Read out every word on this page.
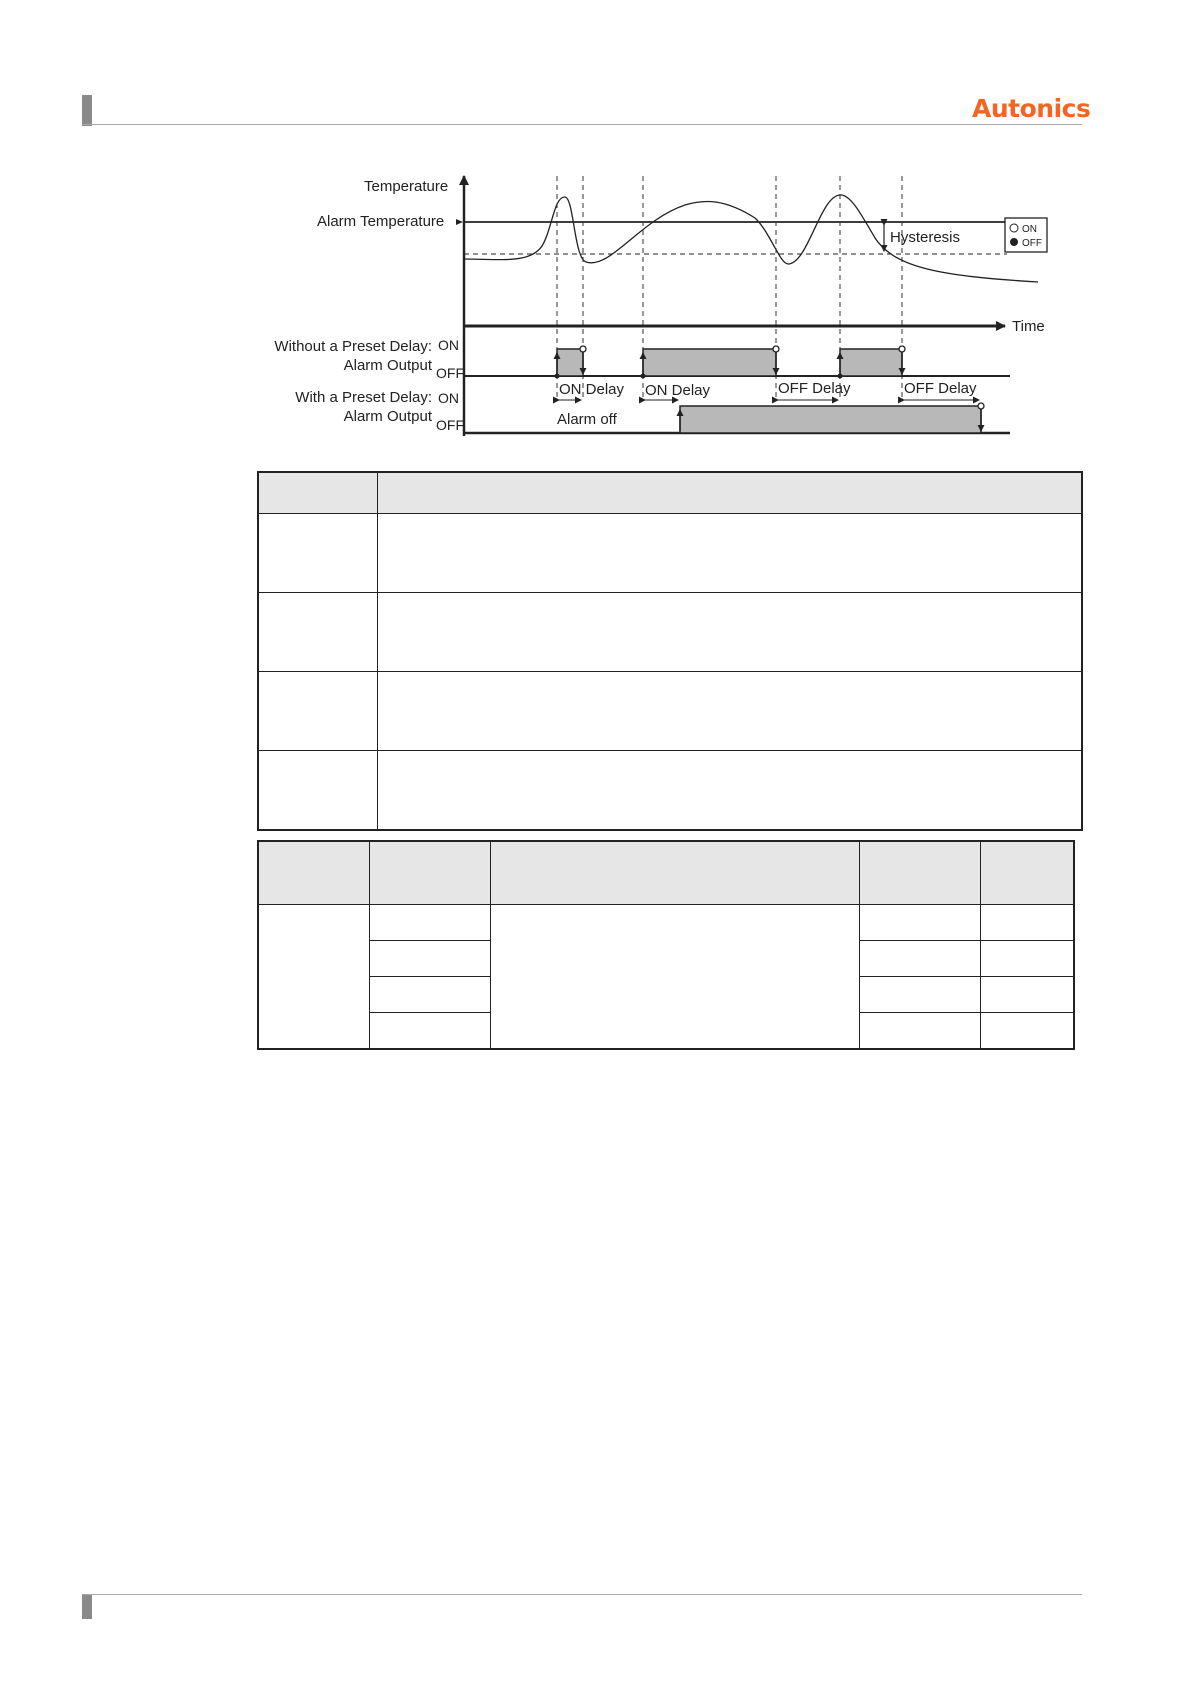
Autonics
ON
OFF
Temperature
Alarm Temperature
Hysteresis
Time
Without a Preset Delay:
Alarm Output
ON
OFF
With a Preset Delay:
Alarm Output
ON
OFF
ON Delay ON Delay	OFF Delay	OFF Delay
Alarm off
